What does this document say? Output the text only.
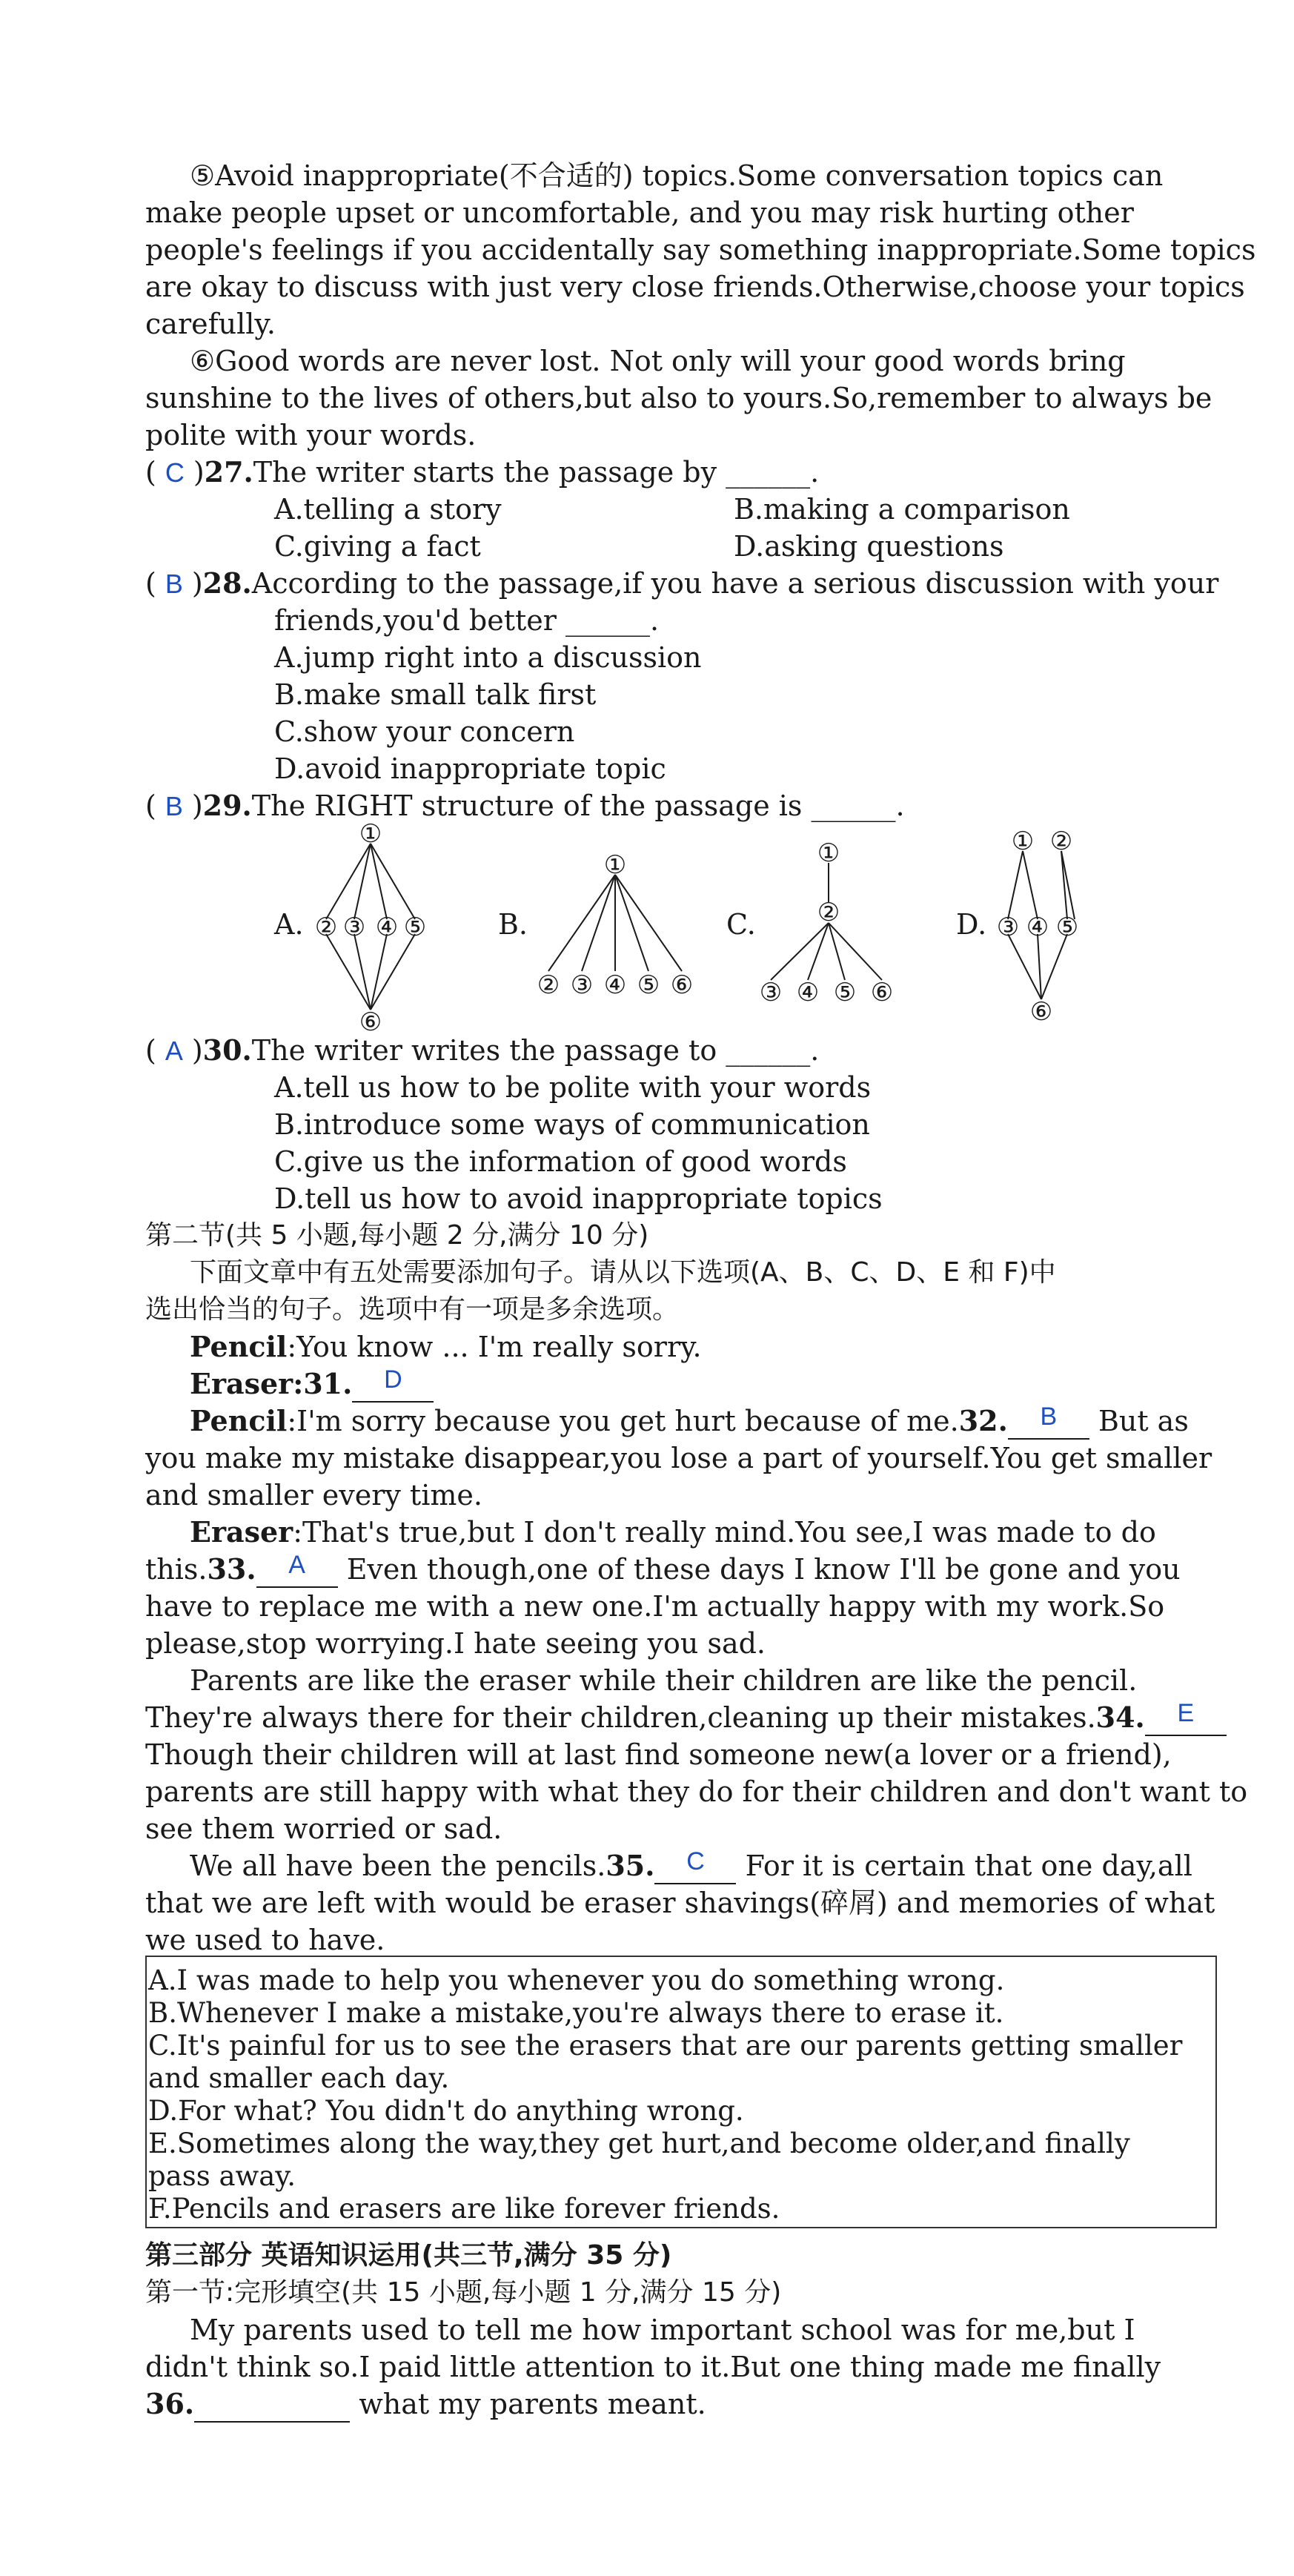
⑤Avoid inappropriate(不合适的) topics.Some conversation topics can
make people upset or uncomfortable, and you may risk hurting other
people's feelings if you accidentally say something inappropriate.Some topics
are okay to discuss with just very close friends.Otherwise,choose your topics
carefully.
⑥Good words are never lost. Not only will your good words bring
sunshine to the lives of others,but also to yours.So,remember to always be
polite with your words.
( C )27.The writer starts the passage by ______.
A.telling a story	B.making a comparison
C.giving a fact	D.asking questions
( B )28.According to the passage,if you have a serious discussion with your
friends,you'd better ______.
A.jump right into a discussion
B.make small talk first
C.show your concern
D.avoid inappropriate topic
( B )29.The RIGHT structure of the passage is ______.
A.	B.	C.	D.
①
② ③ ④ ⑤
⑥
①
② ③ ④ ⑤ ⑥
①
②
③ ④ ⑤ ⑥
① ②
③ ④ ⑤
⑥
( A )30.The writer writes the passage to ______.
A.tell us how to be polite with your words
B.introduce some ways of communication
C.give us the information of good words
D.tell us how to avoid inappropriate topics
第二节(共 5 小题,每小题 2 分,满分 10 分)
下面文章中有五处需要添加句子。请从以下选项(A、B、C、D、E 和 F)中
选出恰当的句子。选项中有一项是多余选项。
Pencil:You know ... I'm really sorry.
Eraser:31. D
Pencil:I'm sorry because you get hurt because of me.32. B But as
you make my mistake disappear,you lose a part of yourself.You get smaller
and smaller every time.
Eraser:That's true,but I don't really mind.You see,I was made to do
this.33. A Even though,one of these days I know I'll be gone and you
have to replace me with a new one.I'm actually happy with my work.So
please,stop worrying.I hate seeing you sad.
Parents are like the eraser while their children are like the pencil.
They're always there for their children,cleaning up their mistakes.34. E
Though their children will at last find someone new(a lover or a friend),
parents are still happy with what they do for their children and don't want to
see them worried or sad.
We all have been the pencils.35. C For it is certain that one day,all
that we are left with would be eraser shavings(碎屑) and memories of what
we used to have.
A.I was made to help you whenever you do something wrong.
B.Whenever I make a mistake,you're always there to erase it.
C.It's painful for us to see the erasers that are our parents getting smaller
and smaller each day.
D.For what? You didn't do anything wrong.
E.Sometimes along the way,they get hurt,and become older,and finally
pass away.
F.Pencils and erasers are like forever friends.
第三部分 英语知识运用(共三节,满分 35 分)
第一节:完形填空(共 15 小题,每小题 1 分,满分 15 分)
My parents used to tell me how important school was for me,but I
didn't think so.I paid little attention to it.But one thing made me finally
36.	what my parents meant.
